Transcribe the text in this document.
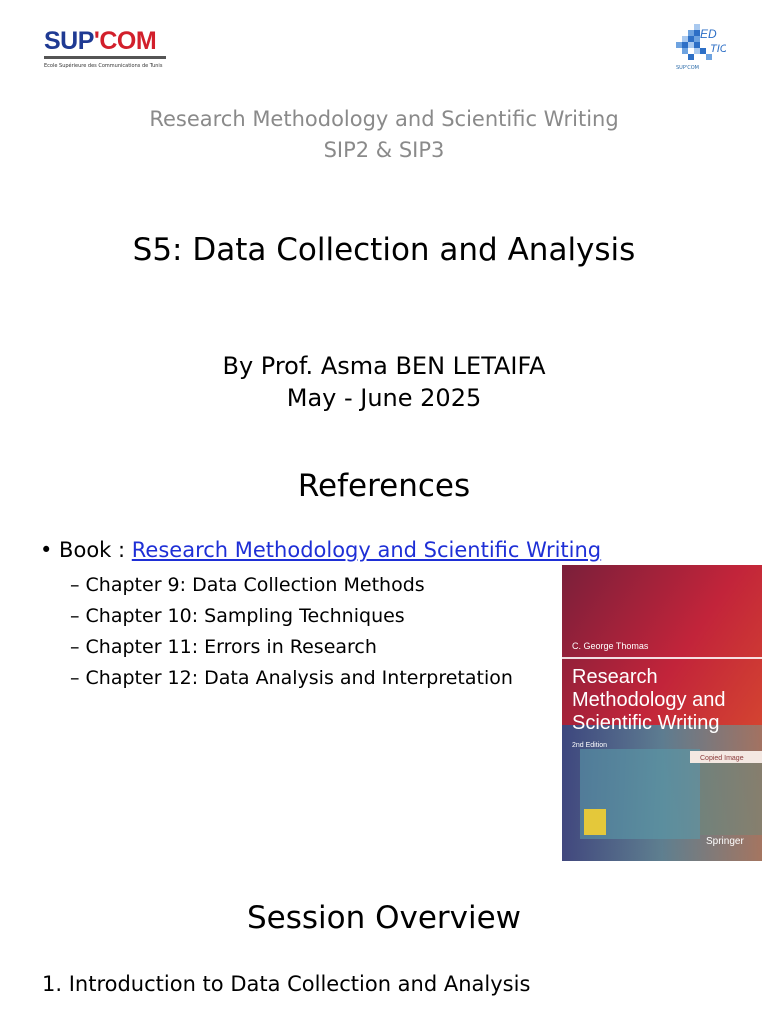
SUP'COM
Ecole Supérieure des Communications de Tunis
ED
TIC
SUP'COM
Research Methodology and Scientific Writing
SIP2 & SIP3
S5: Data Collection and Analysis
By Prof. Asma BEN LETAIFA
May - June 2025
References
• Book : Research Methodology and Scientific Writing
– Chapter 9: Data Collection Methods
– Chapter 10: Sampling Techniques
– Chapter 11: Errors in Research
– Chapter 12: Data Analysis and Interpretation
C. George Thomas
Research
Methodology and
Scientific Writing
2nd Edition
Copied Image
Springer
Session Overview
1. Introduction to Data Collection and Analysis
